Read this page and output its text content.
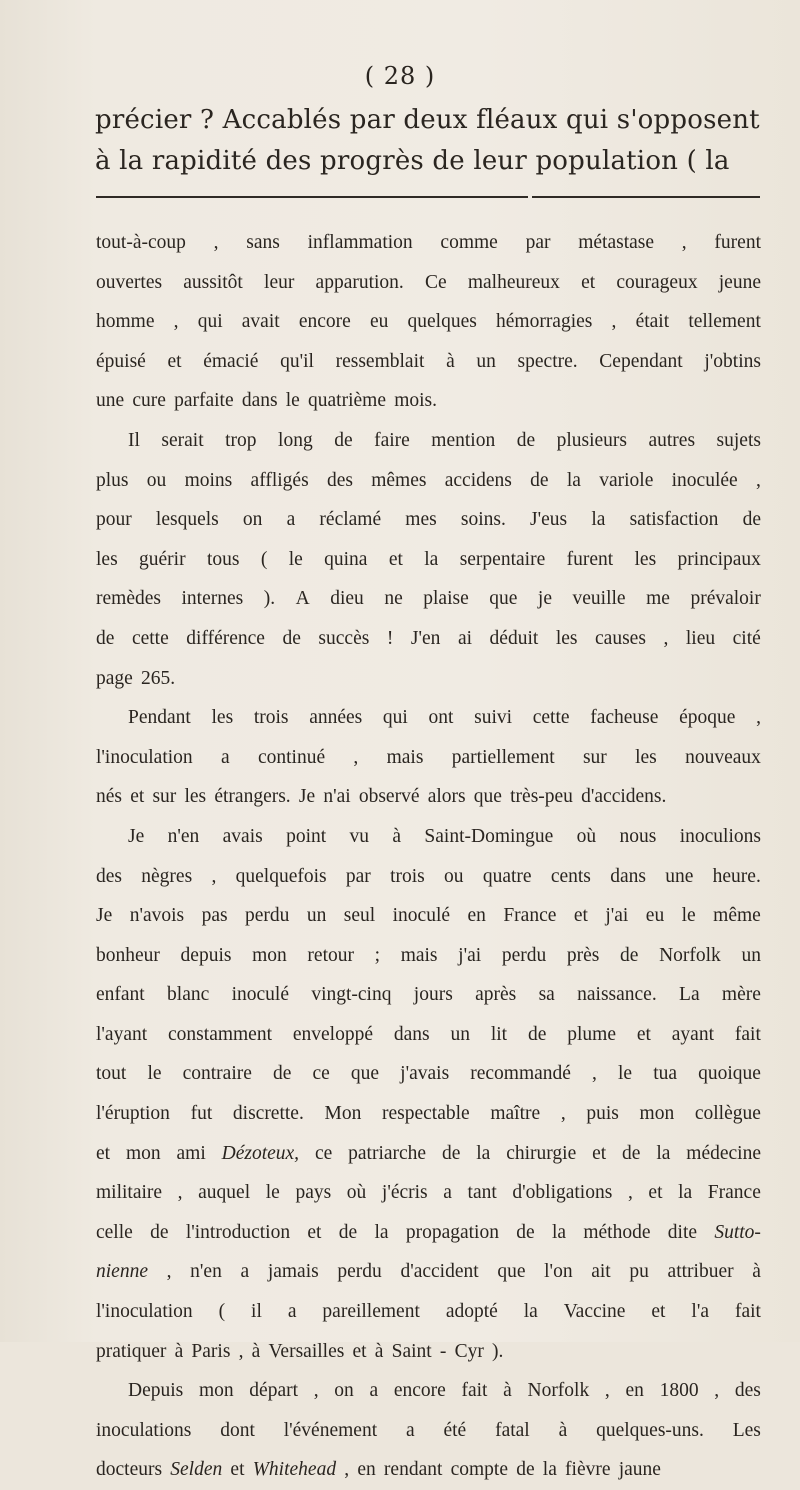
( 28 )
précier ? Accablés par deux fléaux qui s'opposent
à la rapidité des progrès de leur population ( la
tout-à-coup , sans inflammation comme par métastase , furent
ouvertes aussitôt leur apparution. Ce malheureux et courageux jeune
homme , qui avait encore eu quelques hémorragies , était tellement
épuisé et émacié qu'il ressemblait à un spectre. Cependant j'obtins
une cure parfaite dans le quatrième mois.
Il serait trop long de faire mention de plusieurs autres sujets
plus ou moins affligés des mêmes accidens de la variole inoculée ,
pour lesquels on a réclamé mes soins. J'eus la satisfaction de
les guérir tous ( le quina et la serpentaire furent les principaux
remèdes internes ). A dieu ne plaise que je veuille me prévaloir
de cette différence de succès ! J'en ai déduit les causes , lieu cité
page 265.
Pendant les trois années qui ont suivi cette facheuse époque ,
l'inoculation a continué , mais partiellement sur les nouveaux
nés et sur les étrangers. Je n'ai observé alors que très-peu d'accidens.
Je n'en avais point vu à Saint-Domingue où nous inoculions
des nègres , quelquefois par trois ou quatre cents dans une heure.
Je n'avois pas perdu un seul inoculé en France et j'ai eu le même
bonheur depuis mon retour ; mais j'ai perdu près de Norfolk un
enfant blanc inoculé vingt-cinq jours après sa naissance. La mère
l'ayant constamment enveloppé dans un lit de plume et ayant fait
tout le contraire de ce que j'avais recommandé , le tua quoique
l'éruption fut discrette. Mon respectable maître , puis mon collègue
et mon ami Dézoteux, ce patriarche de la chirurgie et de la médecine
militaire , auquel le pays où j'écris a tant d'obligations , et la France
celle de l'introduction et de la propagation de la méthode dite Sutto-
nienne , n'en a jamais perdu d'accident que l'on ait pu attribuer à
l'inoculation ( il a pareillement adopté la Vaccine et l'a fait
pratiquer à Paris , à Versailles et à Saint - Cyr ).
Depuis mon départ , on a encore fait à Norfolk , en 1800 , des
inoculations dont l'événement a été fatal à quelques-uns. Les
docteurs Selden et Whitehead , en rendant compte de la fièvre jaune
